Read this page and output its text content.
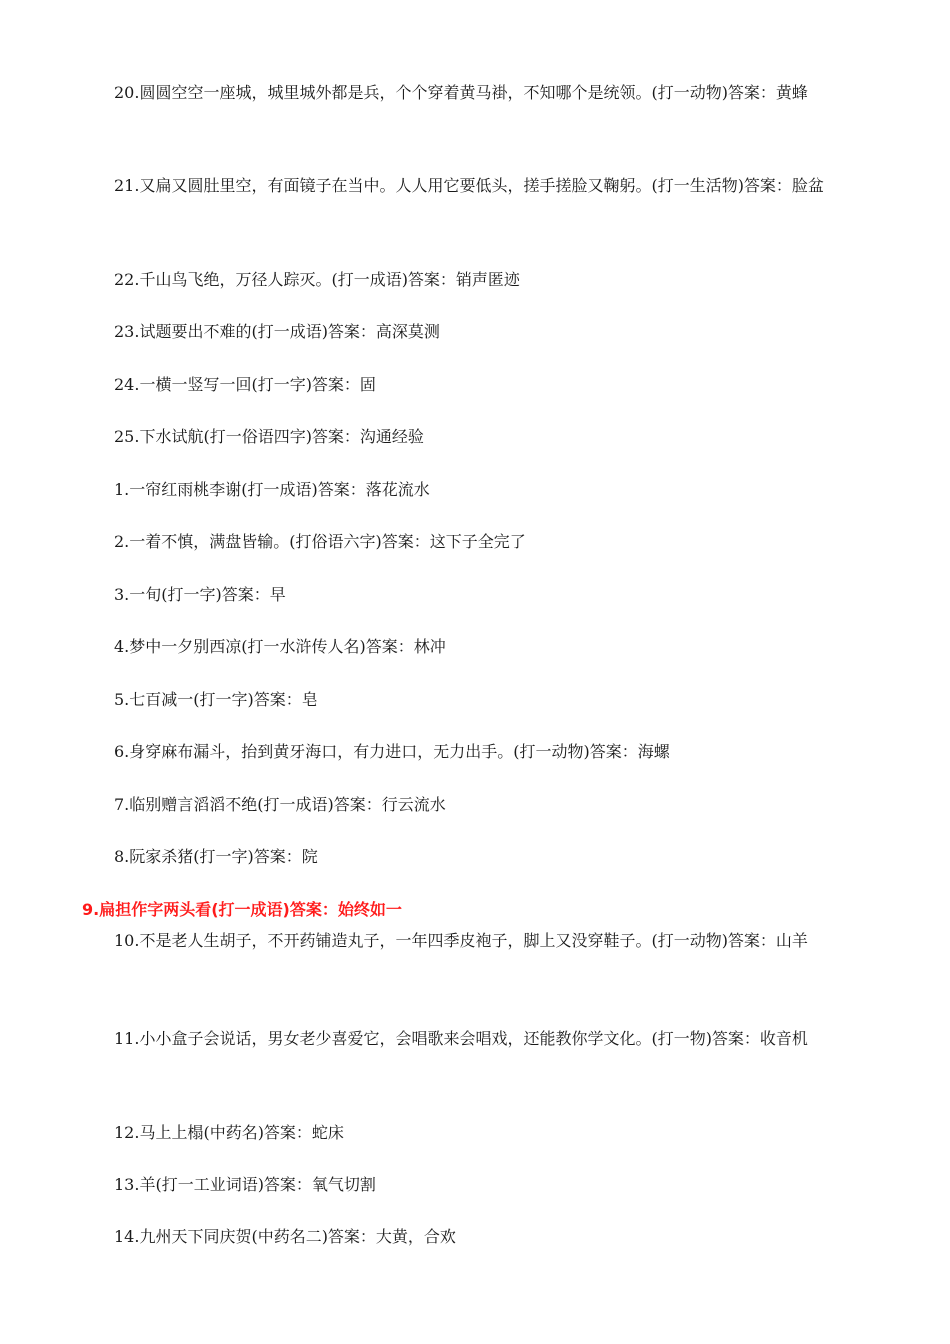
20.圆圆空空一座城，城里城外都是兵，个个穿着黄马褂，不知哪个是统领。(打一动物)答案：黄蜂

21.又扁又圆肚里空，有面镜子在当中。人人用它要低头，搓手搓脸又鞠躬。(打一生活物)答案：脸盆

22.千山鸟飞绝，万径人踪灭。(打一成语)答案：销声匿迹

23.试题要出不难的(打一成语)答案：高深莫测

24.一横一竖写一回(打一字)答案：固

25.下水试航(打一俗语四字)答案：沟通经验

1.一帘红雨桃李谢(打一成语)答案：落花流水

2.一着不慎，满盘皆输。(打俗语六字)答案：这下子全完了

3.一旬(打一字)答案：早

4.梦中一夕别西凉(打一水浒传人名)答案：林冲

5.七百减一(打一字)答案：皂

6.身穿麻布漏斗，抬到黄牙海口，有力进口，无力出手。(打一动物)答案：海螺

7.临别赠言滔滔不绝(打一成语)答案：行云流水

8.阮家杀猪(打一字)答案：院

9.扁担作字两头看(打一成语)答案：始终如一

10.不是老人生胡子，不开药铺造丸子，一年四季皮袍子，脚上又没穿鞋子。(打一动物)答案：山羊

11.小小盒子会说话，男女老少喜爱它，会唱歌来会唱戏，还能教你学文化。(打一物)答案：收音机

12.马上上榻(中药名)答案：蛇床

13.羊(打一工业词语)答案：氧气切割

14.九州天下同庆贺(中药名二)答案：大黄，合欢
